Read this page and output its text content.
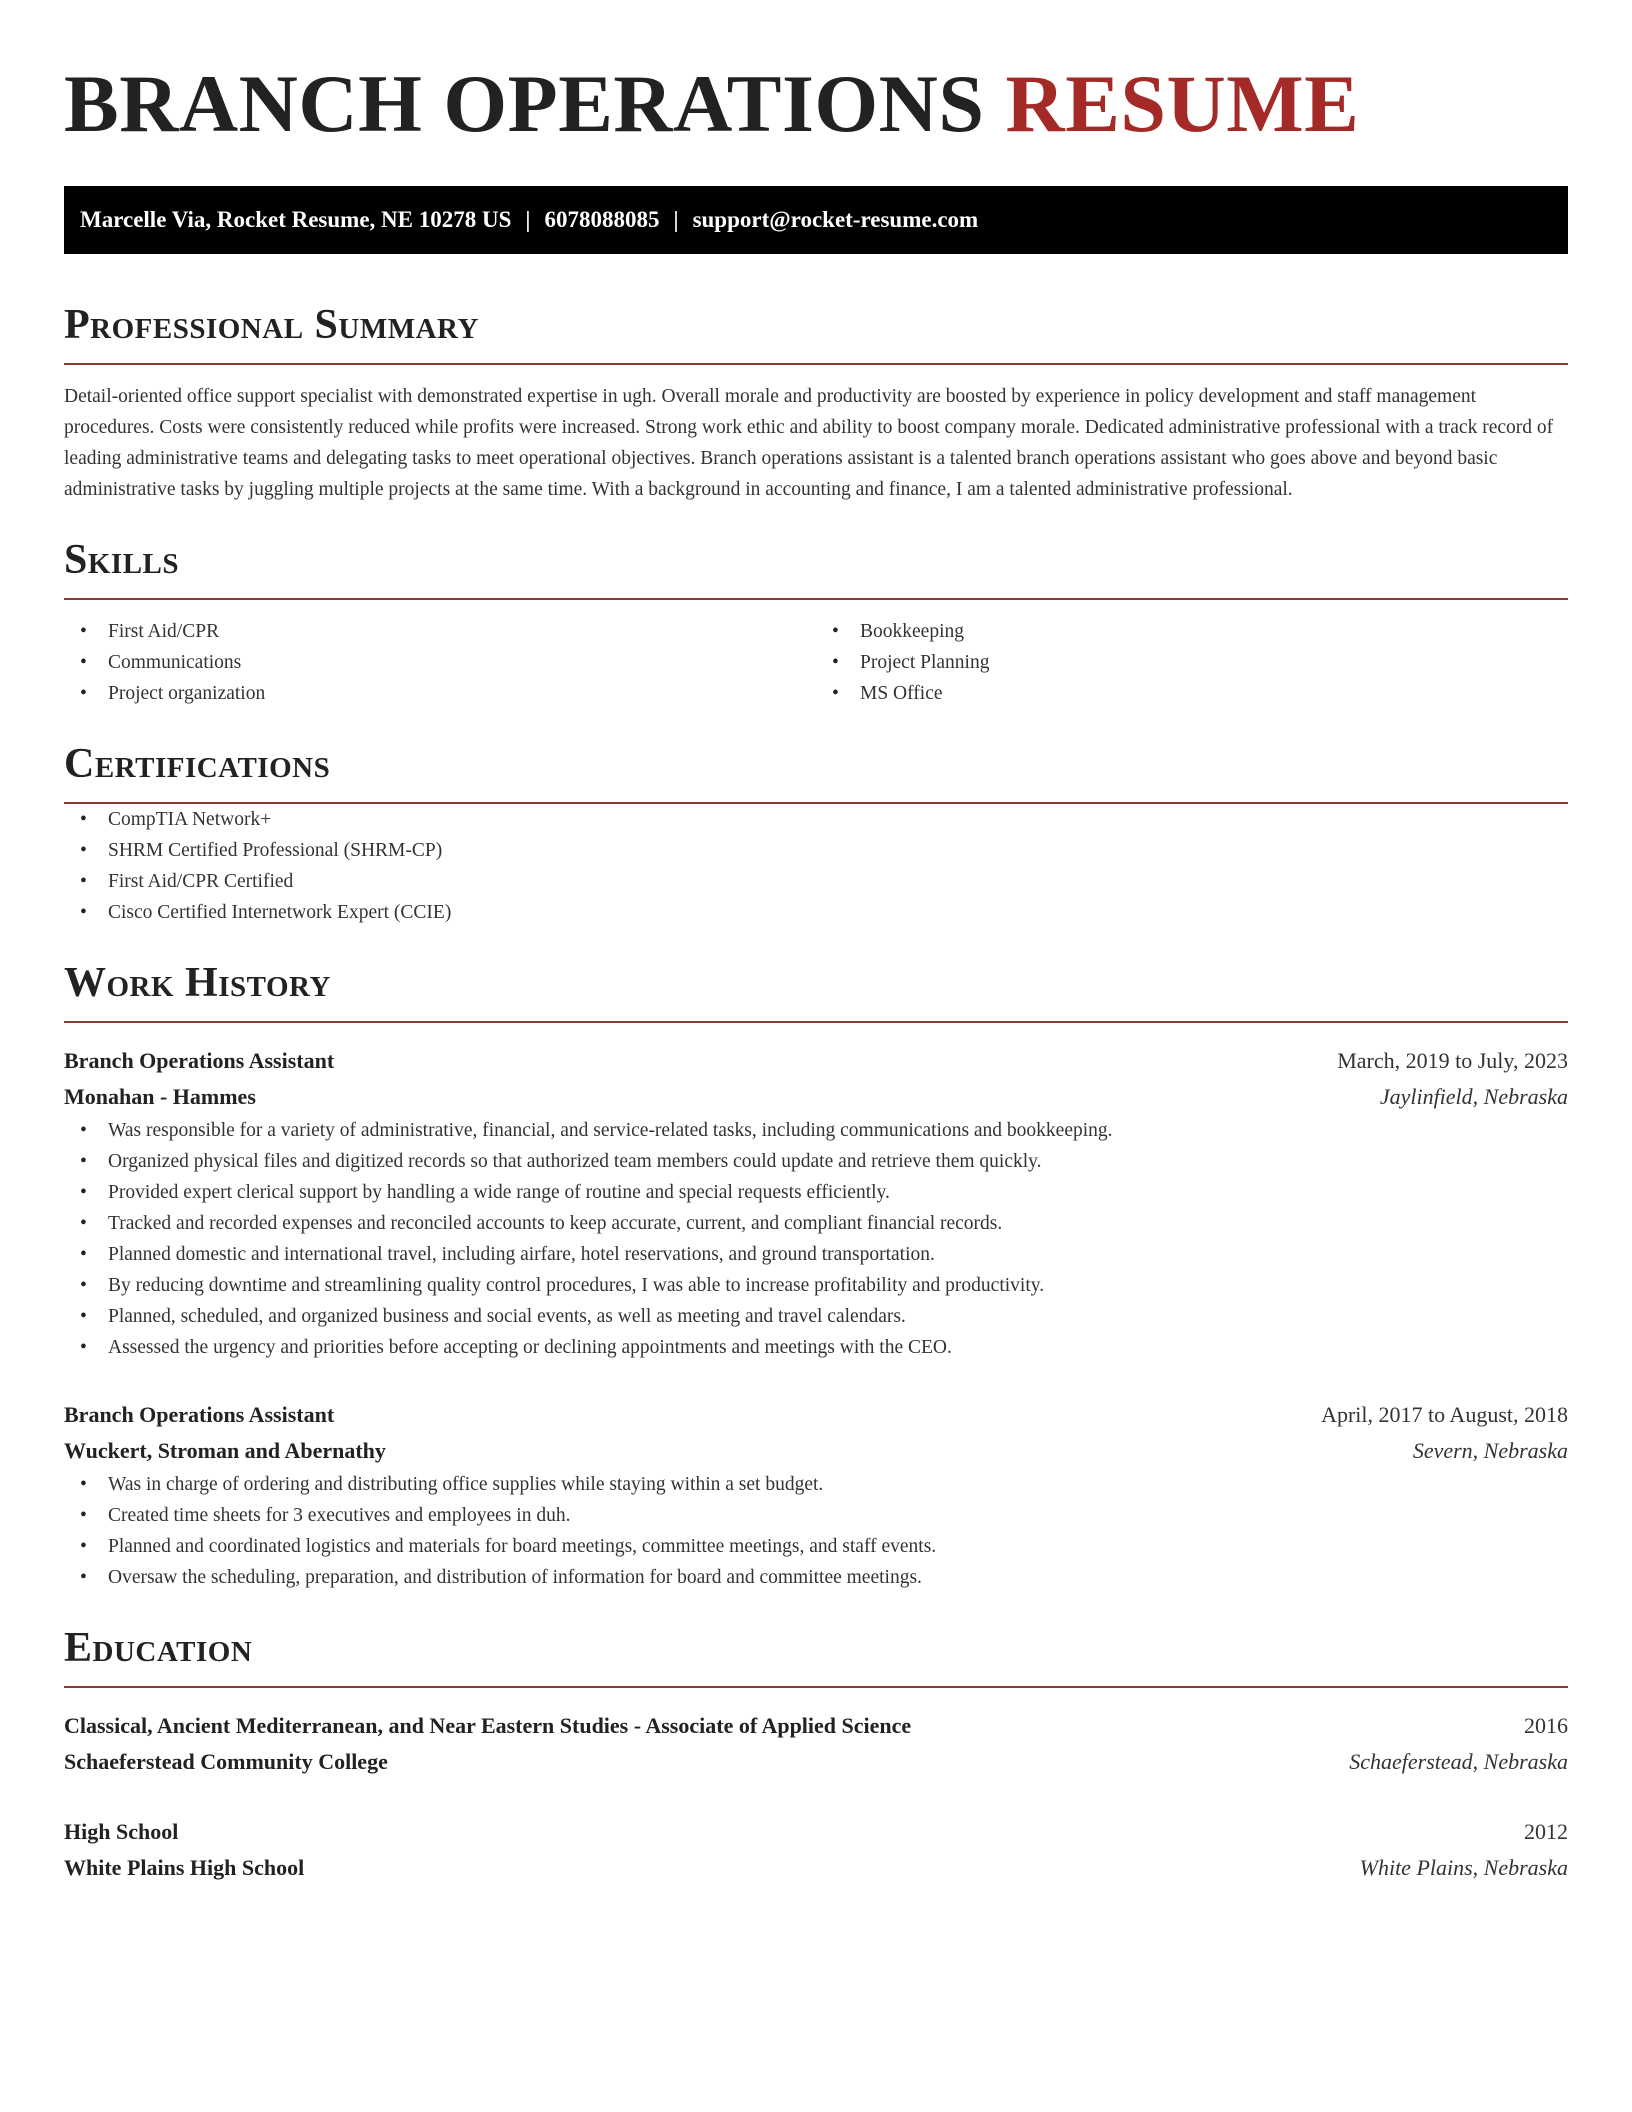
BRANCH OPERATIONS RESUME
Marcelle Via, Rocket Resume, NE 10278 US | 6078088085 | support@rocket-resume.com
Professional Summary

Detail-oriented office support specialist with demonstrated expertise in ugh. Overall morale and productivity are boosted by experience in policy development and staff management procedures. Costs were consistently reduced while profits were increased. Strong work ethic and ability to boost company morale. Dedicated administrative professional with a track record of leading administrative teams and delegating tasks to meet operational objectives. Branch operations assistant is a talented branch operations assistant who goes above and beyond basic administrative tasks by juggling multiple projects at the same time. With a background in accounting and finance, I am a talented administrative professional.

Skills
• First Aid/CPR
• Communications
• Project organization
• Bookkeeping
• Project Planning
• MS Office
Certifications
• CompTIA Network+
• SHRM Certified Professional (SHRM-CP)
• First Aid/CPR Certified
• Cisco Certified Internetwork Expert (CCIE)
Work History
Branch Operations Assistant	March, 2019 to July, 2023
Monahan - Hammes	Jaylinfield, Nebraska
• Was responsible for a variety of administrative, financial, and service-related tasks, including communications and bookkeeping.
• Organized physical files and digitized records so that authorized team members could update and retrieve them quickly.
• Provided expert clerical support by handling a wide range of routine and special requests efficiently.
• Tracked and recorded expenses and reconciled accounts to keep accurate, current, and compliant financial records.
• Planned domestic and international travel, including airfare, hotel reservations, and ground transportation.
• By reducing downtime and streamlining quality control procedures, I was able to increase profitability and productivity.
• Planned, scheduled, and organized business and social events, as well as meeting and travel calendars.
• Assessed the urgency and priorities before accepting or declining appointments and meetings with the CEO.
Branch Operations Assistant	April, 2017 to August, 2018
Wuckert, Stroman and Abernathy	Severn, Nebraska
• Was in charge of ordering and distributing office supplies while staying within a set budget.
• Created time sheets for 3 executives and employees in duh.
• Planned and coordinated logistics and materials for board meetings, committee meetings, and staff events.
• Oversaw the scheduling, preparation, and distribution of information for board and committee meetings.
Education
Classical, Ancient Mediterranean, and Near Eastern Studies - Associate of Applied Science	2016
Schaeferstead Community College	Schaeferstead, Nebraska
High School	2012
White Plains High School	White Plains, Nebraska
